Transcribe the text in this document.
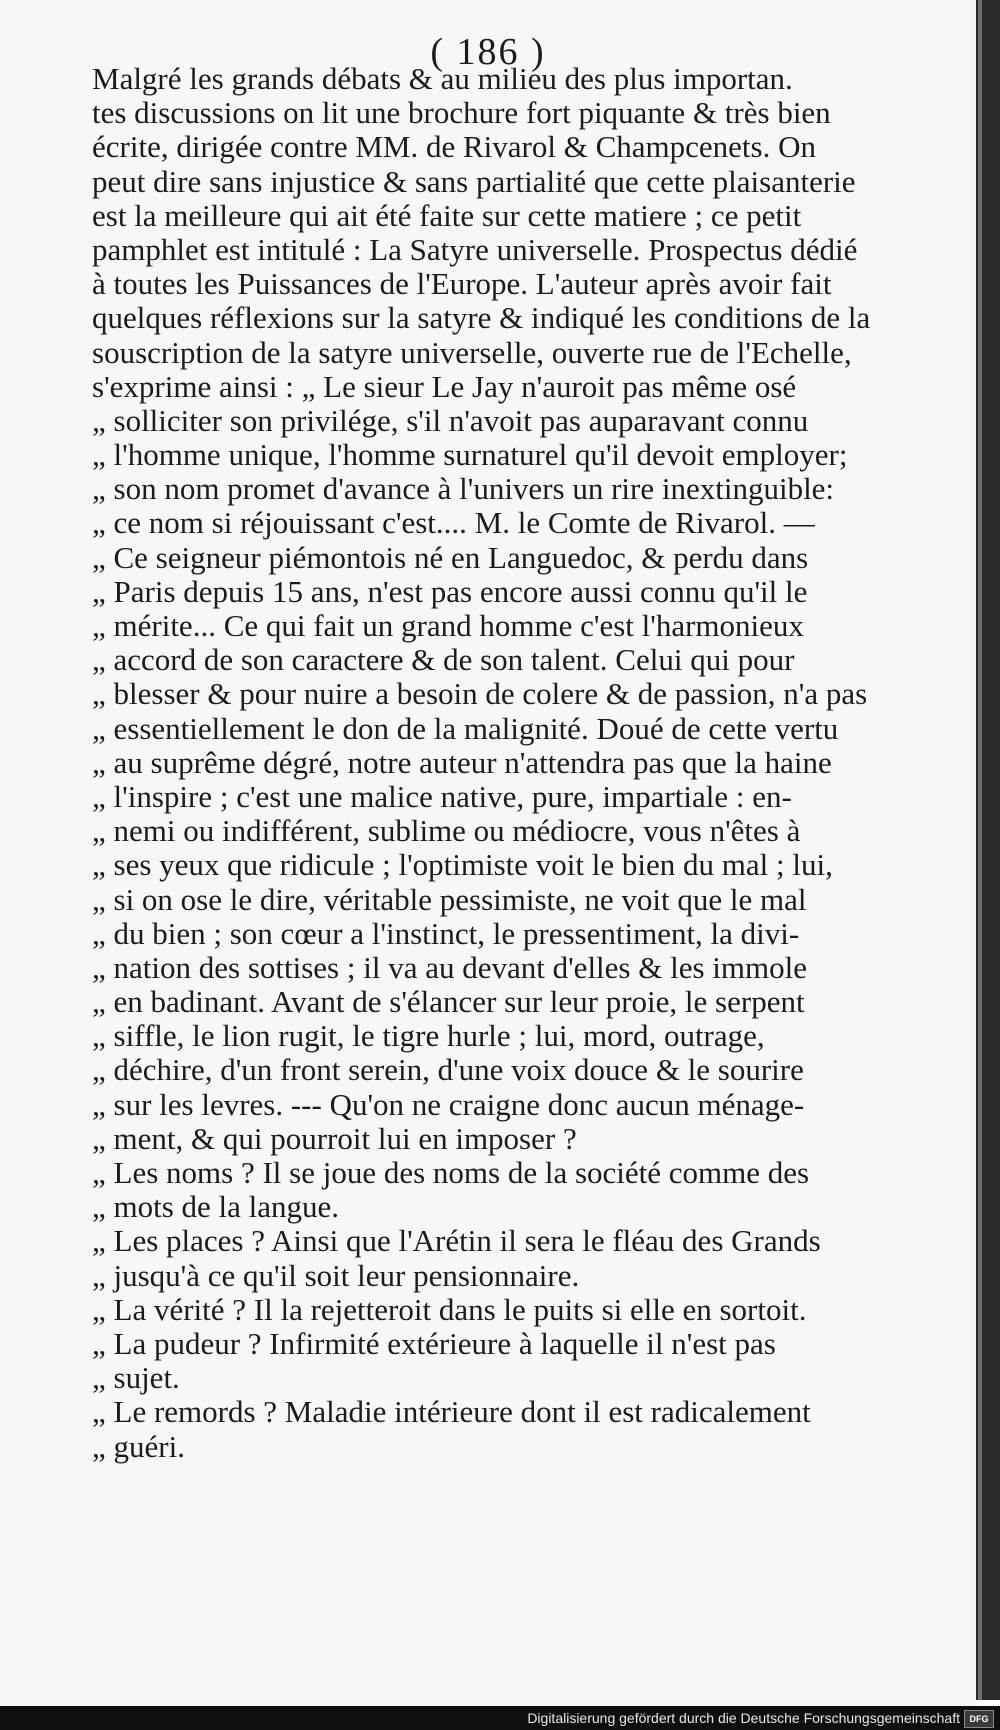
( 186 )
Malgré les grands débats & au milieu des plus importan.
tes discussions on lit une brochure fort piquante & très bien
écrite, dirigée contre MM. de Rivarol & Champcenets. On
peut dire sans injustice & sans partialité que cette plaisanterie
est la meilleure qui ait été faite sur cette matiere ; ce petit
pamphlet est intitulé : La Satyre universelle. Prospectus dédié
à toutes les Puissances de l'Europe. L'auteur après avoir fait
quelques réflexions sur la satyre & indiqué les conditions de la
souscription de la satyre universelle, ouverte rue de l'Echelle,
s'exprime ainsi : „ Le sieur Le Jay n'auroit pas même osé
„ solliciter son privilége, s'il n'avoit pas auparavant connu
„ l'homme unique, l'homme surnaturel qu'il devoit employer;
„ son nom promet d'avance à l'univers un rire inextinguible:
„ ce nom si réjouissant c'est.... M. le Comte de Rivarol. —
„ Ce seigneur piémontois né en Languedoc, & perdu dans
„ Paris depuis 15 ans, n'est pas encore aussi connu qu'il le
„ mérite... Ce qui fait un grand homme c'est l'harmonieux
„ accord de son caractere & de son talent. Celui qui pour
„ blesser & pour nuire a besoin de colere & de passion, n'a pas
„ essentiellement le don de la malignité. Doué de cette vertu
„ au suprême dégré, notre auteur n'attendra pas que la haine
„ l'inspire ; c'est une malice native, pure, impartiale : en-
„ nemi ou indifférent, sublime ou médiocre, vous n'êtes à
„ ses yeux que ridicule ; l'optimiste voit le bien du mal ; lui,
„ si on ose le dire, véritable pessimiste, ne voit que le mal
„ du bien ; son cœur a l'instinct, le pressentiment, la divi-
„ nation des sottises ; il va au devant d'elles & les immole
„ en badinant. Avant de s'élancer sur leur proie, le serpent
„ siffle, le lion rugit, le tigre hurle ; lui, mord, outrage,
„ déchire, d'un front serein, d'une voix douce & le sourire
„ sur les levres. --- Qu'on ne craigne donc aucun ménage-
„ ment, & qui pourroit lui en imposer ?
„ Les noms ? Il se joue des noms de la société comme des
„ mots de la langue.
„ Les places ? Ainsi que l'Arétin il sera le fléau des Grands
„ jusqu'à ce qu'il soit leur pensionnaire.
„ La vérité ? Il la rejetteroit dans le puits si elle en sortoit.
„ La pudeur ? Infirmité extérieure à laquelle il n'est pas
„ sujet.
„ Le remords ? Maladie intérieure dont il est radicalement
„ guéri.
Digitalisierung gefördert durch die Deutsche Forschungsgemeinschaft	DFG
